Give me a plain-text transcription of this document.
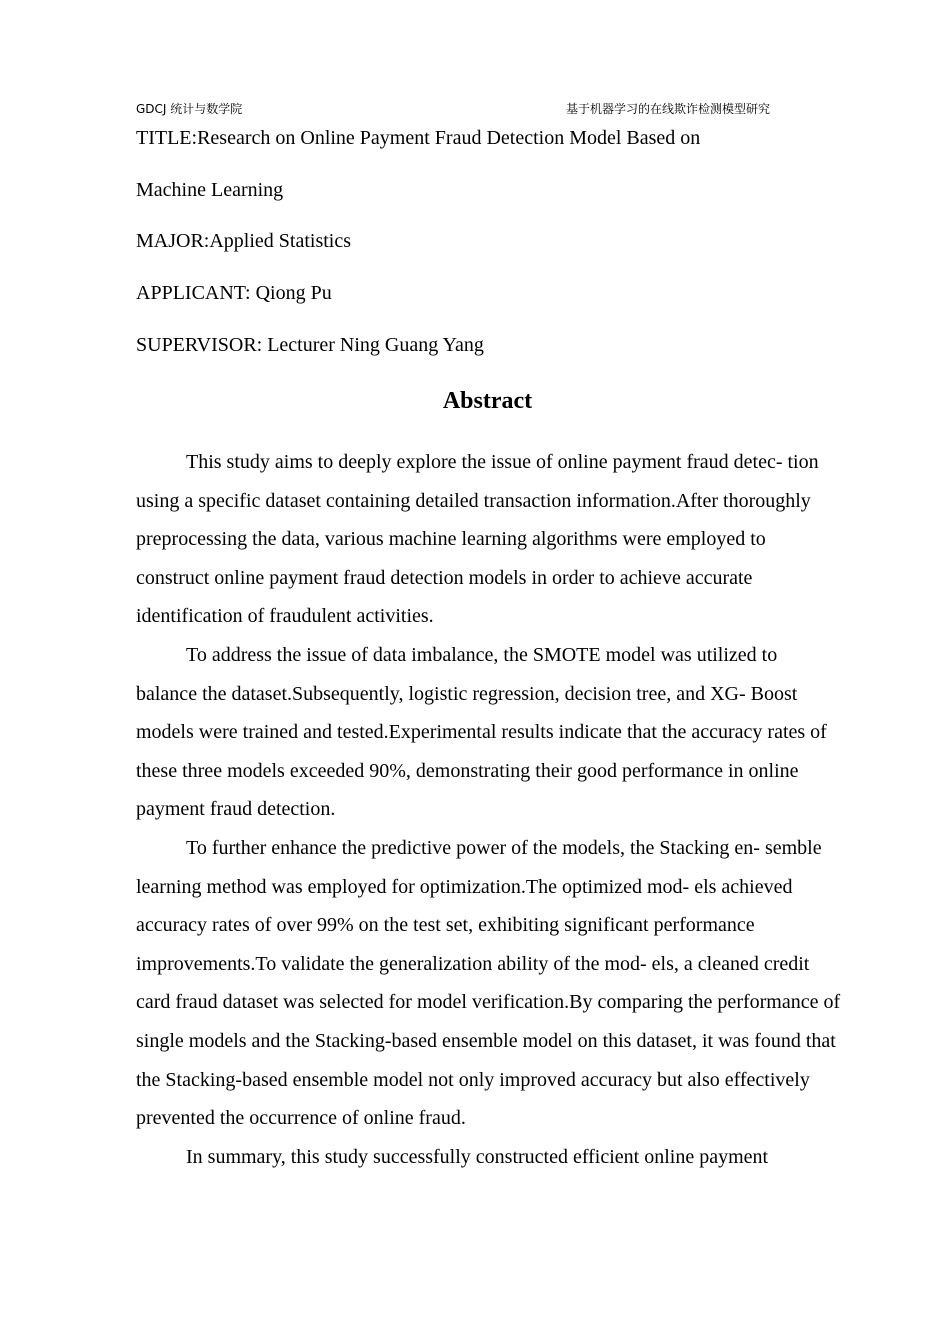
GDCJ 统计与数学院	基于机器学习的在线欺诈检测模型研究
TITLE:Research on Online Payment Fraud Detection Model Based on
Machine Learning
MAJOR:Applied Statistics
APPLICANT: Qiong Pu
SUPERVISOR: Lecturer Ning Guang Yang
Abstract

This study aims to deeply explore the issue of online payment fraud detec- tion using a specific dataset containing detailed transaction information.After thoroughly preprocessing the data, various machine learning algorithms were employed to construct online payment fraud detection models in order to achieve accurate identification of fraudulent activities.

To address the issue of data imbalance, the SMOTE model was utilized to balance the dataset.Subsequently, logistic regression, decision tree, and XG- Boost models were trained and tested.Experimental results indicate that the accuracy rates of these three models exceeded 90%, demonstrating their good performance in online payment fraud detection.

To further enhance the predictive power of the models, the Stacking en- semble learning method was employed for optimization.The optimized mod- els achieved accuracy rates of over 99% on the test set, exhibiting significant performance improvements.To validate the generalization ability of the mod- els, a cleaned credit card fraud dataset was selected for model verification.By comparing the performance of single models and the Stacking-based ensemble model on this dataset, it was found that the Stacking-based ensemble model not only improved accuracy but also effectively prevented the occurrence of online fraud.

In summary, this study successfully constructed efficient online payment
